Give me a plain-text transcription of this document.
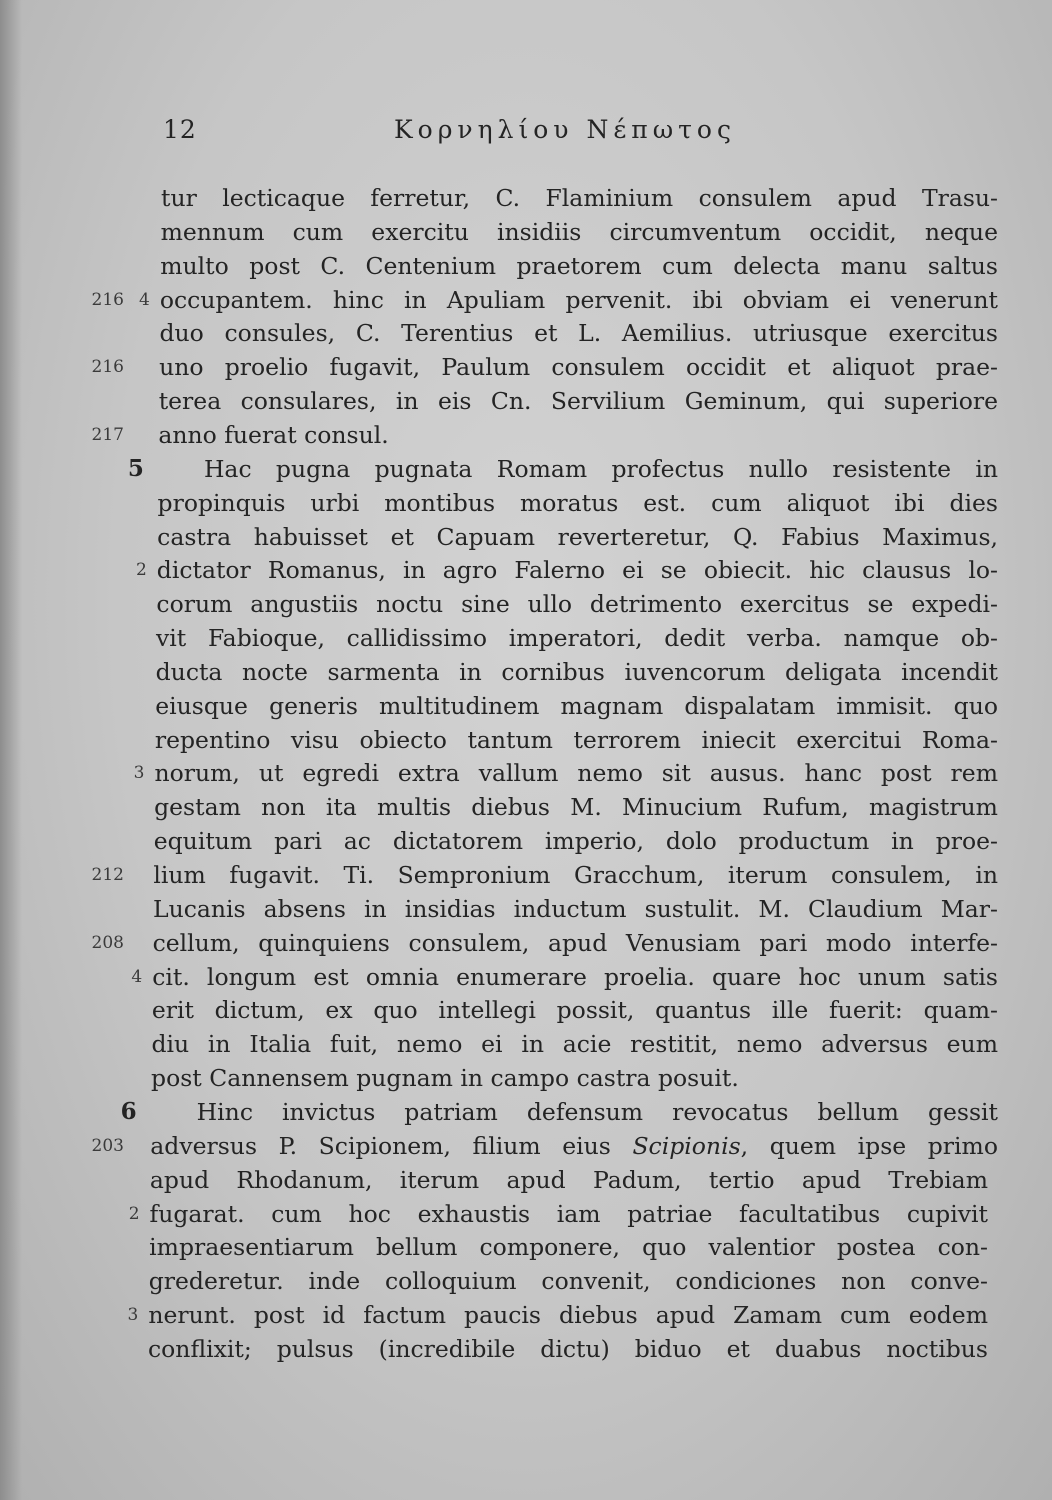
12	Κορνηλίου Νέπωτος
tur lecticaque ferretur, C. Flaminium consulem apud Trasu-
mennum cum exercitu insidiis circumventum occidit, neque
multo post C. Centenium praetorem cum delecta manu saltus
occupantem. hinc in Apuliam pervenit. ibi obviam ei venerunt
216 4
duo consules, C. Terentius et L. Aemilius. utriusque exercitus
uno proelio fugavit, Paulum consulem occidit et aliquot prae-
216
terea consulares, in eis Cn. Servilium Geminum, qui superiore
anno fuerat consul.
217
Hac pugna pugnata Romam profectus nullo resistente in
5
propinquis urbi montibus moratus est. cum aliquot ibi dies
castra habuisset et Capuam reverteretur, Q. Fabius Maximus,
dictator Romanus, in agro Falerno ei se obiecit. hic clausus lo-
2
corum angustiis noctu sine ullo detrimento exercitus se expedi-
vit Fabioque, callidissimo imperatori, dedit verba. namque ob-
ducta nocte sarmenta in cornibus iuvencorum deligata incendit
eiusque generis multitudinem magnam dispalatam immisit. quo
repentino visu obiecto tantum terrorem iniecit exercitui Roma-
norum, ut egredi extra vallum nemo sit ausus. hanc post rem
3
gestam non ita multis diebus M. Minucium Rufum, magistrum
equitum pari ac dictatorem imperio, dolo productum in proe-
lium fugavit. Ti. Sempronium Gracchum, iterum consulem, in
212
Lucanis absens in insidias inductum sustulit. M. Claudium Mar-
cellum, quinquiens consulem, apud Venusiam pari modo interfe-
208
cit. longum est omnia enumerare proelia. quare hoc unum satis
4
erit dictum, ex quo intellegi possit, quantus ille fuerit: quam-
diu in Italia fuit, nemo ei in acie restitit, nemo adversus eum
post Cannensem pugnam in campo castra posuit.
Hinc invictus patriam defensum revocatus bellum gessit
6
adversus P. Scipionem, filium eius Scipionis, quem ipse primo
203
apud Rhodanum, iterum apud Padum, tertio apud Trebiam
fugarat. cum hoc exhaustis iam patriae facultatibus cupivit
2
impraesentiarum bellum componere, quo valentior postea con-
grederetur. inde colloquium convenit, condiciones non conve-
nerunt. post id factum paucis diebus apud Zamam cum eodem
3
conflixit; pulsus (incredibile dictu) biduo et duabus noctibus
